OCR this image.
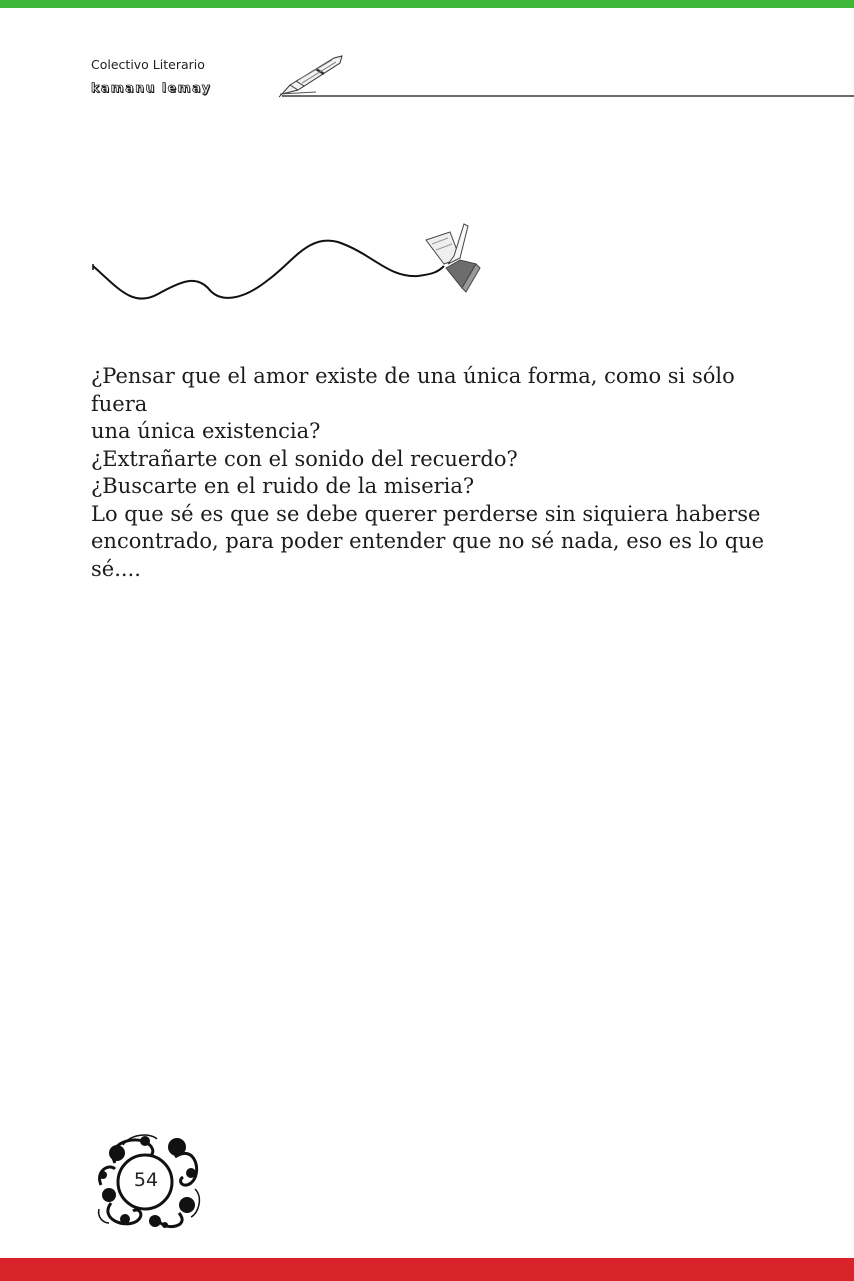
Colectivo Literario
kamanu lemay

¿Pensar que el amor existe de una única forma, como si sólo fuera

una única existencia?

¿Extrañarte con el sonido del recuerdo?

¿Buscarte en el ruido de la miseria?

Lo que sé es que se debe querer perderse sin siquiera haberse

encontrado, para poder entender que no sé nada, eso es lo que sé....

54
